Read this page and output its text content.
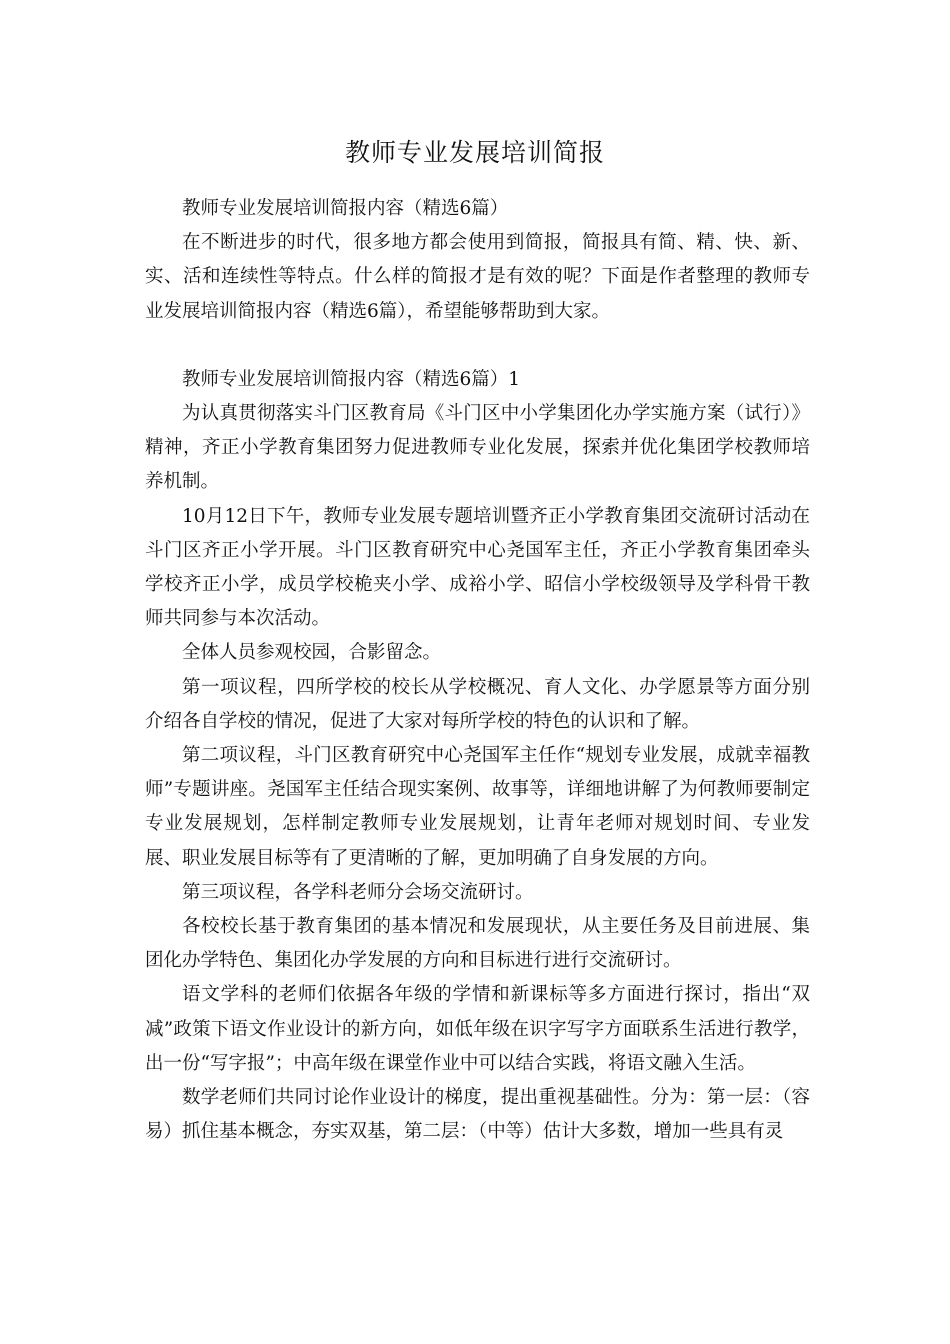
教师专业发展培训简报

教师专业发展培训简报内容（精选6篇）

在不断进步的时代，很多地方都会使用到简报，简报具有简、精、快、新、实、活和连续性等特点。什么样的简报才是有效的呢？下面是作者整理的教师专业发展培训简报内容（精选6篇），希望能够帮助到大家。

教师专业发展培训简报内容（精选6篇）1

为认真贯彻落实斗门区教育局《斗门区中小学集团化办学实施方案（试行）》精神，齐正小学教育集团努力促进教师专业化发展，探索并优化集团学校教师培养机制。

10月12日下午，教师专业发展专题培训暨齐正小学教育集团交流研讨活动在斗门区齐正小学开展。斗门区教育研究中心尧国军主任，齐正小学教育集团牵头学校齐正小学，成员学校桅夹小学、成裕小学、昭信小学校级领导及学科骨干教师共同参与本次活动。

全体人员参观校园，合影留念。

第一项议程，四所学校的校长从学校概况、育人文化、办学愿景等方面分别介绍各自学校的情况，促进了大家对每所学校的特色的认识和了解。

第二项议程，斗门区教育研究中心尧国军主任作“规划专业发展，成就幸福教师”专题讲座。尧国军主任结合现实案例、故事等，详细地讲解了为何教师要制定专业发展规划，怎样制定教师专业发展规划，让青年老师对规划时间、专业发展、职业发展目标等有了更清晰的了解，更加明确了自身发展的方向。

第三项议程，各学科老师分会场交流研讨。

各校校长基于教育集团的基本情况和发展现状，从主要任务及目前进展、集团化办学特色、集团化办学发展的方向和目标进行进行交流研讨。

语文学科的老师们依据各年级的学情和新课标等多方面进行探讨，指出“双减”政策下语文作业设计的新方向，如低年级在识字写字方面联系生活进行教学，出一份“写字报”；中高年级在课堂作业中可以结合实践，将语文融入生活。

数学老师们共同讨论作业设计的梯度，提出重视基础性。分为：第一层：（容易）抓住基本概念，夯实双基，第二层：（中等）估计大多数，增加一些具有灵
